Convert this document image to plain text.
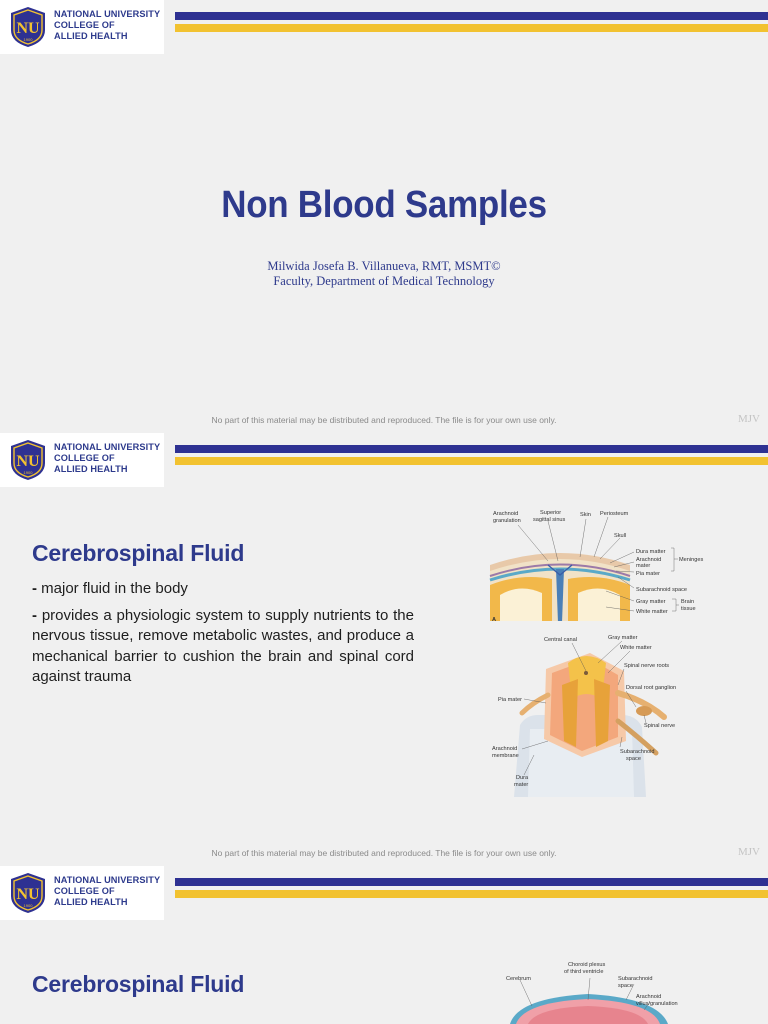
NU
1900
NATIONAL UNIVERSITY
COLLEGE OF
ALLIED HEALTH
Non Blood Samples
Milwida Josefa B. Villanueva, RMT, MSMT©
Faculty, Department of Medical Technology
No part of this material may be distributed and reproduced. The file is for your own use only.	MJV
NU
1900
NATIONAL UNIVERSITY
COLLEGE OF
ALLIED HEALTH
Cerebrospinal Fluid

- major fluid in the body

- provides a physiologic system to supply nutrients to the nervous tissue, remove metabolic wastes, and produce a mechanical barrier to cushion the brain and spinal cord against trauma

A
Arachnoid
granulation
Superior
sagittal sinus
Skin Periosteum
Skull
Dura matter
Arachnoid
mater
Pia mater
Meninges
Subarachnoid space
Gray matter
White matter
Brain
tissue
Central canal	Gray matter
White matter
Spinal nerve roots
Dorsal root ganglion
Pia mater
Spinal nerve
Arachnoid
membrane
Subarachnoid
space
Dura
mater
No part of this material may be distributed and reproduced. The file is for your own use only.	MJV
NU
1900
NATIONAL UNIVERSITY
COLLEGE OF
ALLIED HEALTH
Cerebrospinal Fluid
Choroid plexus
of third ventricle
Cerebrum	Subarachnoid
space
Arachnoid
villus/granulation
